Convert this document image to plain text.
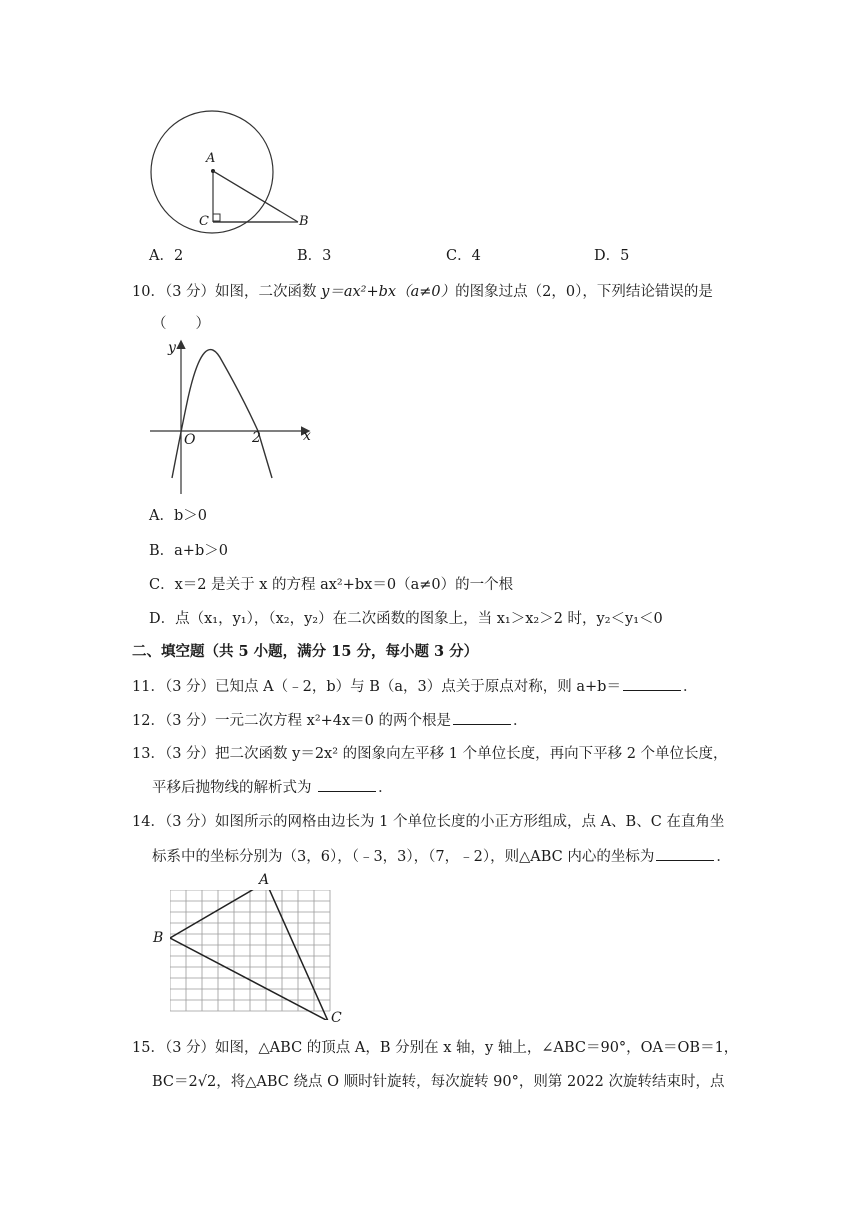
A
C	B
A．2	B．3	C．4	D．5
10．（3 分）如图，二次函数 y＝ax²+bx（a≠0）的图象过点（2，0），下列结论错误的是
（　　）
y
x
O	2
A．b＞0
B．a+b＞0
C．x＝2 是关于 x 的方程 ax²+bx＝0（a≠0）的一个根
D．点（x₁，y₁），（x₂，y₂）在二次函数的图象上，当 x₁＞x₂＞2 时，y₂＜y₁＜0
二、填空题（共 5 小题，满分 15 分，每小题 3 分）
11．（3 分）已知点 A（﹣2，b）与 B（a，3）点关于原点对称，则 a+b＝	．
12．（3 分）一元二次方程 x²+4x＝0 的两个根是	．
13．（3 分）把二次函数 y＝2x² 的图象向左平移 1 个单位长度，再向下平移 2 个单位长度，
平移后抛物线的解析式为	．
14．（3 分）如图所示的网格由边长为 1 个单位长度的小正方形组成，点 A、B、C 在直角坐
标系中的坐标分别为（3，6），（﹣3，3），（7，﹣2），则△ABC 内心的坐标为	．
A
B
C
15．（3 分）如图，△ABC 的顶点 A，B 分别在 x 轴，y 轴上，∠ABC＝90°，OA＝OB＝1，
BC＝2√2，将△ABC 绕点 O 顺时针旋转，每次旋转 90°，则第 2022 次旋转结束时，点
